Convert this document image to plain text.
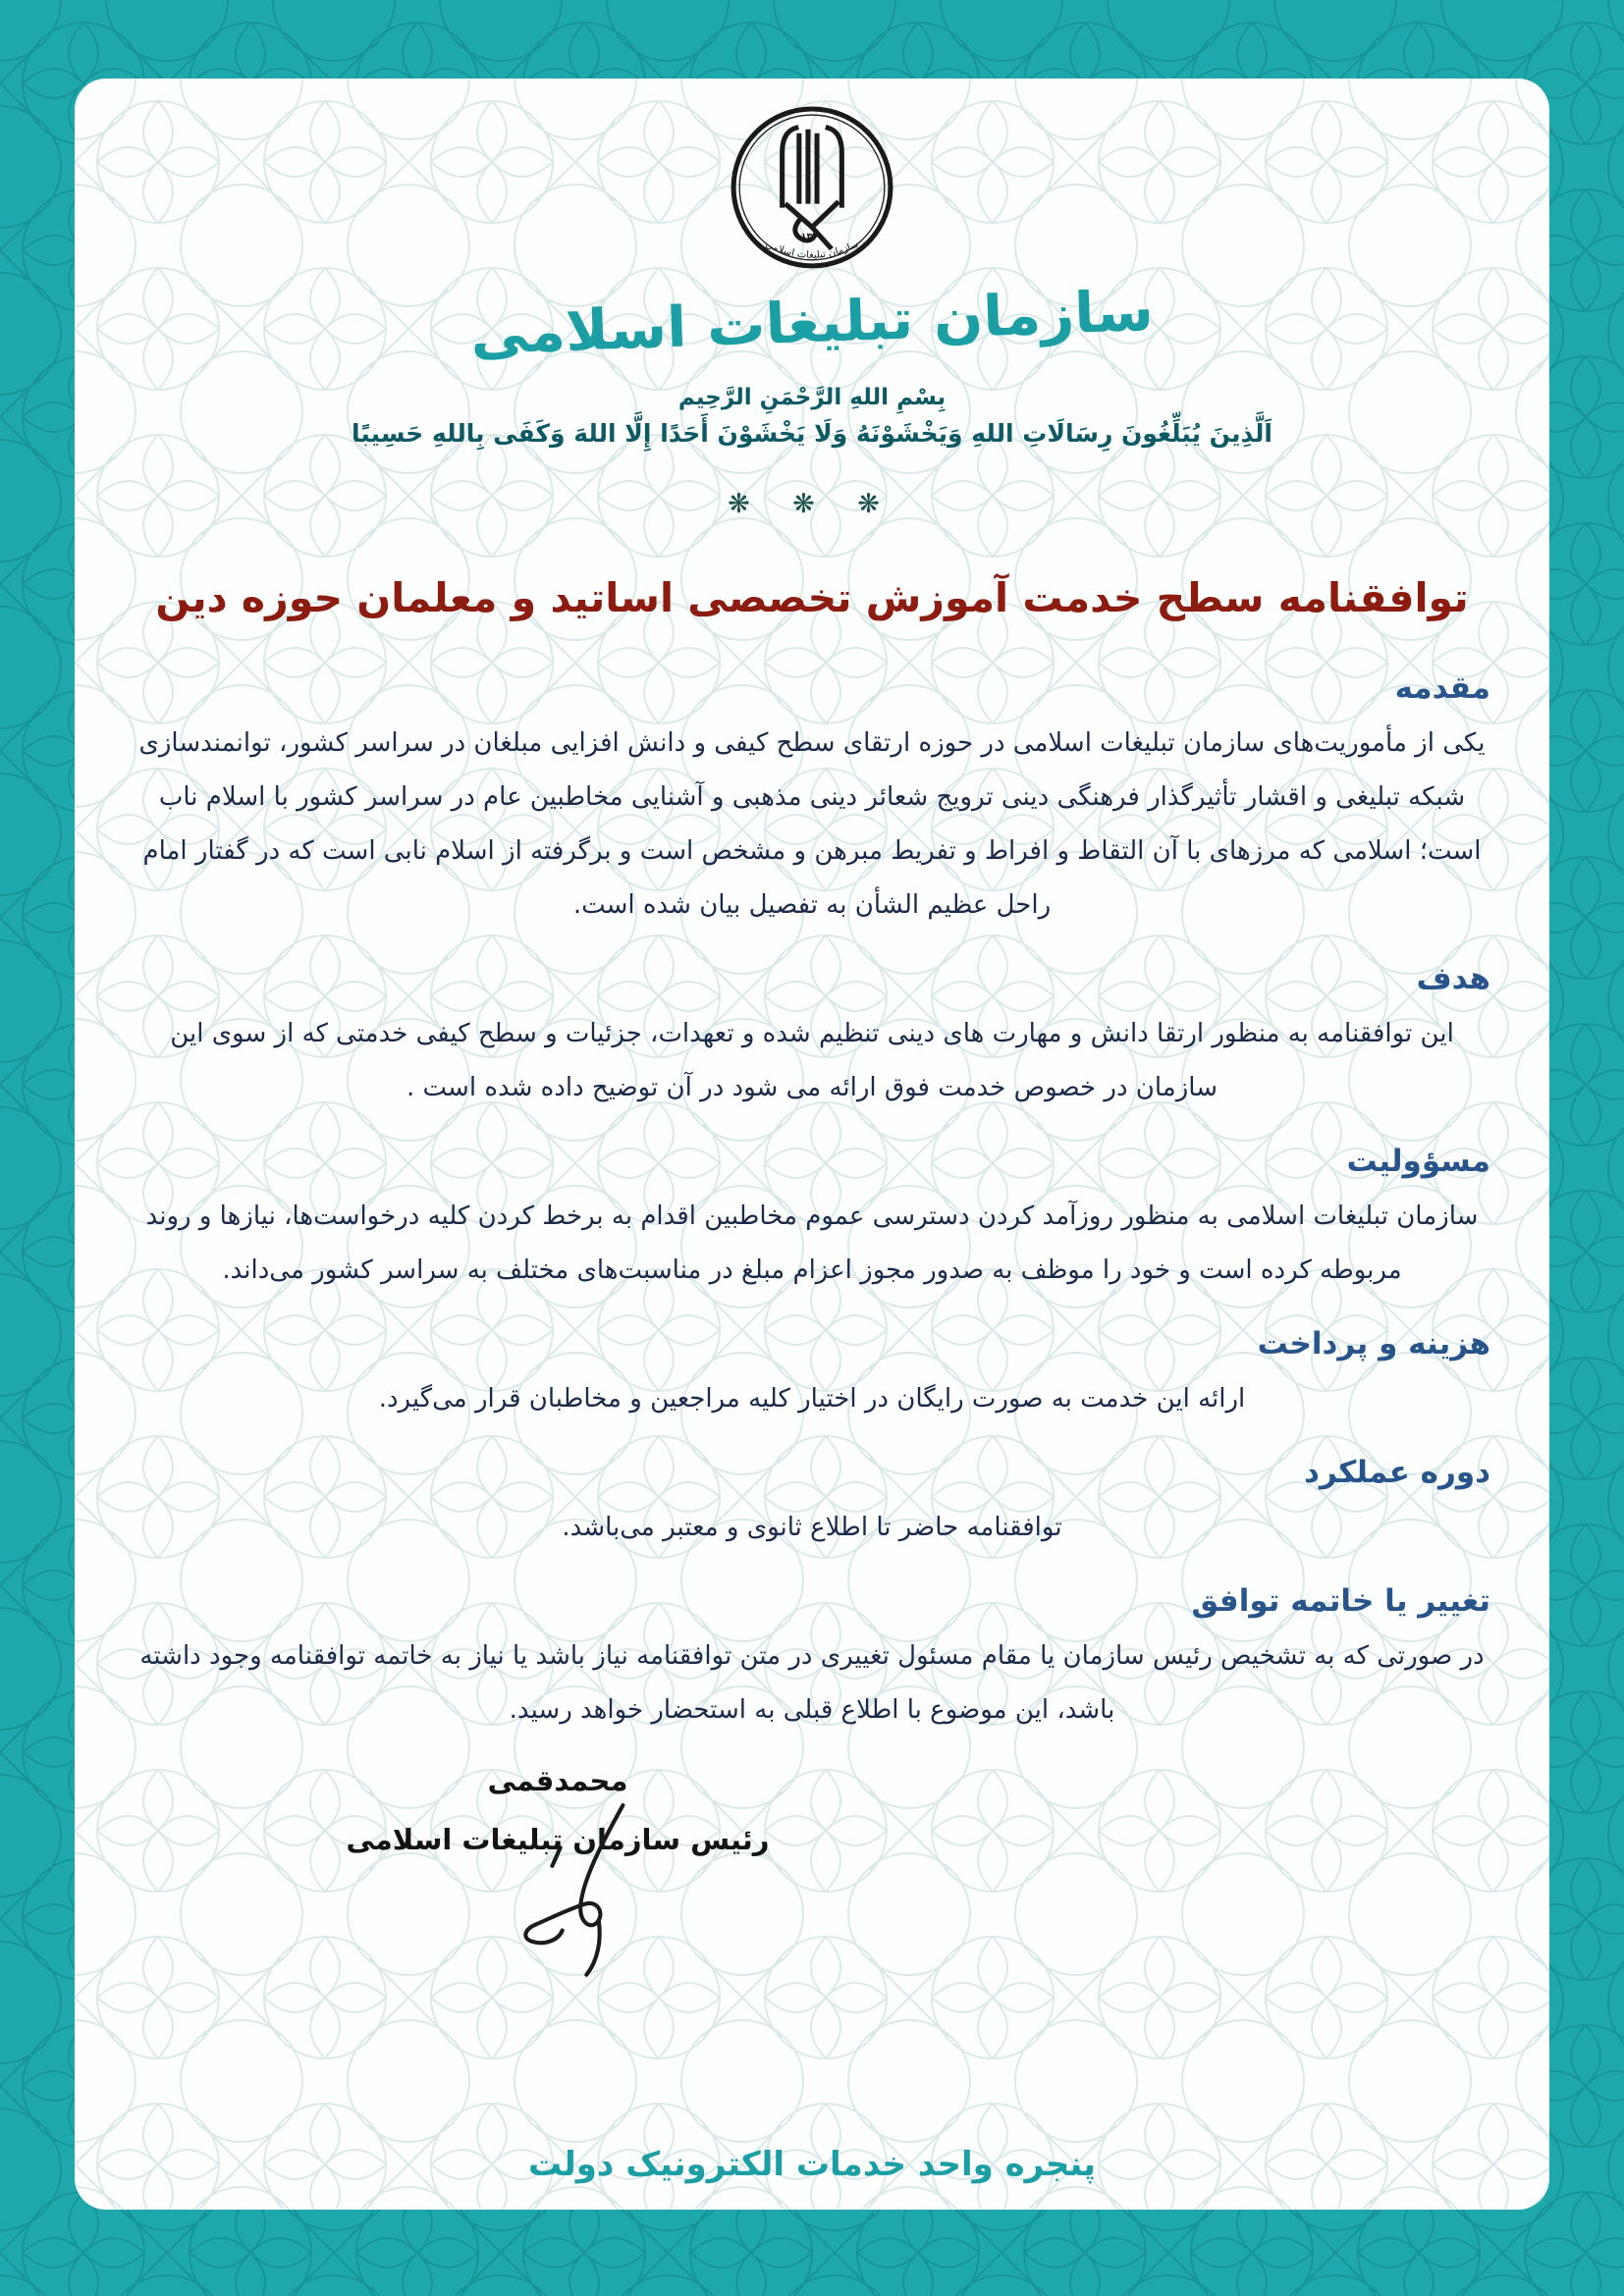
۱۳۶۰
سازمان تبلیغات اسلامی
سازمان تبلیغات اسلامی
بِسْمِ اللهِ الرَّحْمَنِ الرَّحِیم
اَلَّذِينَ يُبَلِّغُونَ رِسَالَاتِ اللهِ وَيَخْشَوْنَهُ وَلَا يَخْشَوْنَ أَحَدًا إِلَّا اللهَ وَكَفَى بِاللهِ حَسِيبًا
❋ ❋ ❋
توافقنامه سطح خدمت آموزش تخصصی اساتید و معلمان حوزه دین
مقدمه

یکی از مأموریت‌های سازمان تبلیغات اسلامی در حوزه ارتقای سطح کیفی و دانش افزایی مبلغان در سراسر کشور، توانمندسازی شبکه تبلیغی و اقشار تأثیرگذار فرهنگی دینی ترویج شعائر دینی مذهبی و آشنایی مخاطبین عام در سراسر کشور با اسلام ناب است؛ اسلامی که مرزهای با آن التقاط و افراط و تفریط مبرهن و مشخص است و برگرفته از اسلام نابی است که در گفتار امام راحل عظیم الشأن به تفصیل بیان شده است.

هدف

این توافقنامه به منظور ارتقا دانش و مهارت های دینی تنظیم شده و تعهدات، جزئیات و سطح کیفی خدمتی که از سوی این سازمان در خصوص خدمت فوق ارائه می شود در آن توضیح داده شده است .

مسؤولیت

سازمان تبلیغات اسلامی به منظور روزآمد کردن دسترسی عموم مخاطبین اقدام به برخط کردن کلیه درخواست‌ها، نیازها و روند مربوطه کرده است و خود را موظف به صدور مجوز اعزام مبلغ در مناسبت‌های مختلف به سراسر کشور می‌داند.

هزینه و پرداخت

ارائه این خدمت به صورت رایگان در اختیار کلیه مراجعین و مخاطبان قرار می‌گیرد.

دوره عملکرد

توافقنامه حاضر تا اطلاع ثانوی و معتبر می‌باشد.

تغییر یا خاتمه توافق

در صورتی که به تشخیص رئیس سازمان یا مقام مسئول تغییری در متن توافقنامه نیاز باشد یا نیاز به خاتمه توافقنامه وجود داشته باشد، این موضوع با اطلاع قبلی به استحضار خواهد رسید.

محمدقمی
رئیس سازمان تبلیغات اسلامی
پنجره واحد خدمات الکترونیک دولت
